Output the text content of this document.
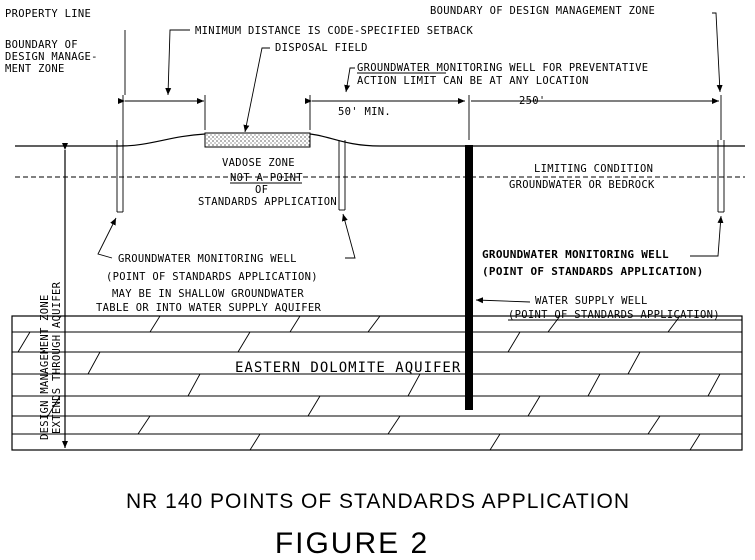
PROPERTY LINE
BOUNDARY OF
DESIGN MANAGE-
MENT ZONE
MINIMUM DISTANCE IS CODE-SPECIFIED SETBACK
DISPOSAL FIELD
BOUNDARY OF DESIGN MANAGEMENT ZONE
GROUNDWATER MONITORING WELL FOR PREVENTATIVE
ACTION LIMIT CAN BE AT ANY LOCATION
50' MIN.
250'
VADOSE ZONE
NOT A POINT
OF
STANDARDS APPLICATION
LIMITING CONDITION
GROUNDWATER OR BEDROCK
GROUNDWATER MONITORING WELL
(POINT OF STANDARDS APPLICATION)
MAY BE IN SHALLOW GROUNDWATER
TABLE OR INTO WATER SUPPLY AQUIFER
GROUNDWATER MONITORING WELL
(POINT OF STANDARDS APPLICATION)
WATER SUPPLY WELL
(POINT OF STANDARDS APPLICATION)
DESIGN MANAGEMENT ZONE EXTENDS THROUGH AQUIFER	EASTERN DOLOMITE AQUIFER
NR 140 POINTS OF STANDARDS APPLICATION
FIGURE 2
